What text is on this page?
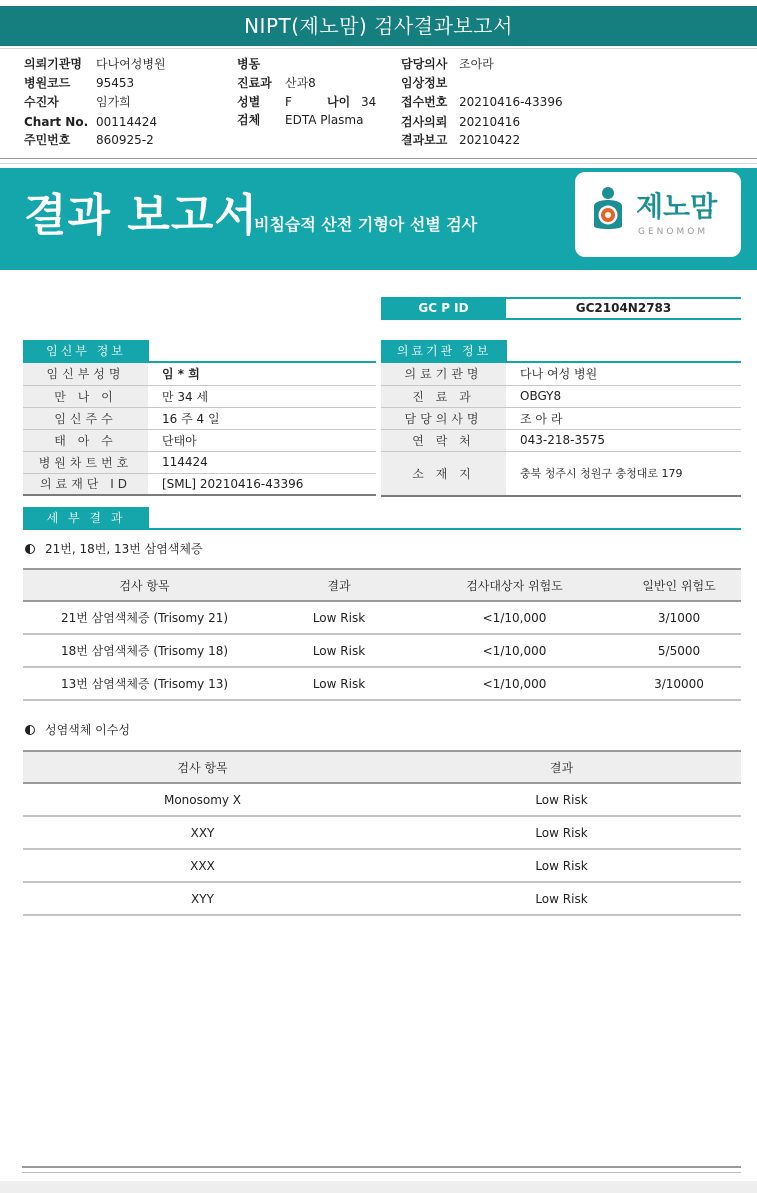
NIPT(제노맘) 검사결과보고서
의뢰기관명 다나여성병원
병원코드 95453
수진자	임가희
Chart No. 00114424
주민번호 860925-2
병동
진료과 산과8
성별 F	나이 34
검체 EDTA Plasma
담당의사 조아라
임상정보
접수번호 20210416-43396
검사의뢰 20210416
결과보고 20210422
결과 보고서
비침습적 산전 기형아 선별 검사
제노맘
GENOMOM
GC P ID	GC2104N2783
임신부 정보
임신부성명	임 * 희
만 나 이	만 34 세
임신주수	16 주 4 일
태 아 수	단태아
병원차트번호	114424
의료재단 ID	[SML] 20210416-43396
의료기관 정보
의료기관명	다나 여성 병원
진 료 과	OBGY8
담당의사명	조 아 라
연 락 처	043-218-3575
소 재 지	충북 청주시 청원구 충청대로 179
세 부 결 과
21번, 18번, 13번 삼염색체증
검사 항목	결과	검사대상자 위험도	일반인 위험도
21번 삼염색체증 (Trisomy 21)	Low Risk	<1/10,000	3/1000
18번 삼염색체증 (Trisomy 18)	Low Risk	<1/10,000	5/5000
13번 삼염색체증 (Trisomy 13)	Low Risk	<1/10,000	3/10000
성염색체 이수성
검사 항목	결과
Monosomy X	Low Risk
XXY	Low Risk
XXX	Low Risk
XYY	Low Risk
